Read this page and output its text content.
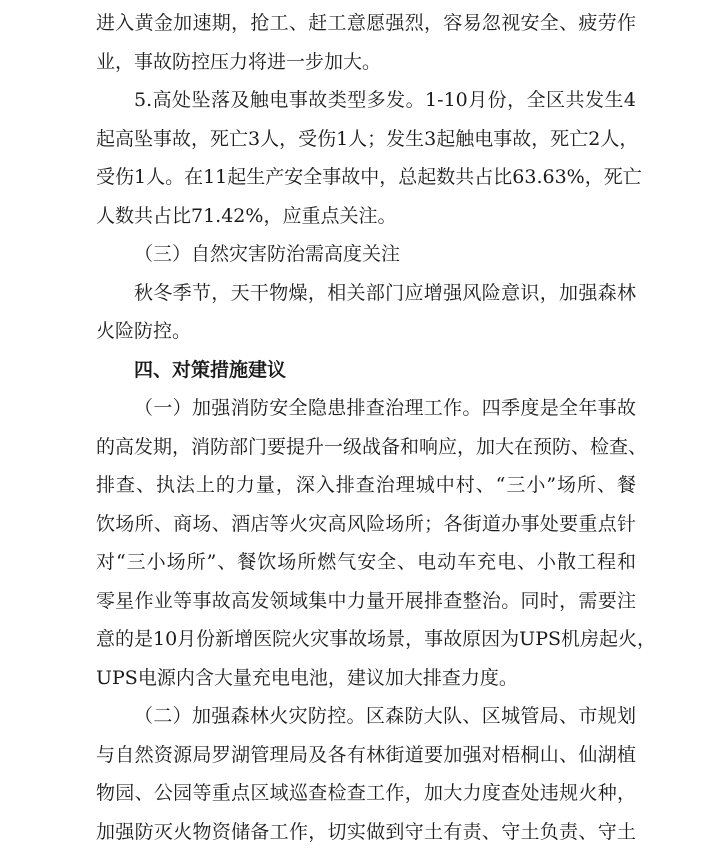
进入黄金加速期，抢工、赶工意愿强烈，容易忽视安全、疲劳作
业，事故防控压力将进一步加大。
5.高处坠落及触电事故类型多发。1-10月份，全区共发生4
起高坠事故，死亡3人，受伤1人；发生3起触电事故，死亡2人，
受伤1人。在11起生产安全事故中，总起数共占比63.63%，死亡
人数共占比71.42%，应重点关注。
（三）自然灾害防治需高度关注
秋冬季节，天干物燥，相关部门应增强风险意识，加强森林
火险防控。
四、对策措施建议
（一）加强消防安全隐患排查治理工作。四季度是全年事故
的高发期，消防部门要提升一级战备和响应，加大在预防、检查、
排查、执法上的力量，深入排查治理城中村、“三小”场所、餐
饮场所、商场、酒店等火灾高风险场所；各街道办事处要重点针
对“三小场所”、餐饮场所燃气安全、电动车充电、小散工程和
零星作业等事故高发领域集中力量开展排查整治。同时，需要注
意的是10月份新增医院火灾事故场景，事故原因为UPS机房起火，
UPS电源内含大量充电电池，建议加大排查力度。
（二）加强森林火灾防控。区森防大队、区城管局、市规划
与自然资源局罗湖管理局及各有林街道要加强对梧桐山、仙湖植
物园、公园等重点区域巡查检查工作，加大力度查处违规火种，
加强防灭火物资储备工作，切实做到守土有责、守土负责、守土
